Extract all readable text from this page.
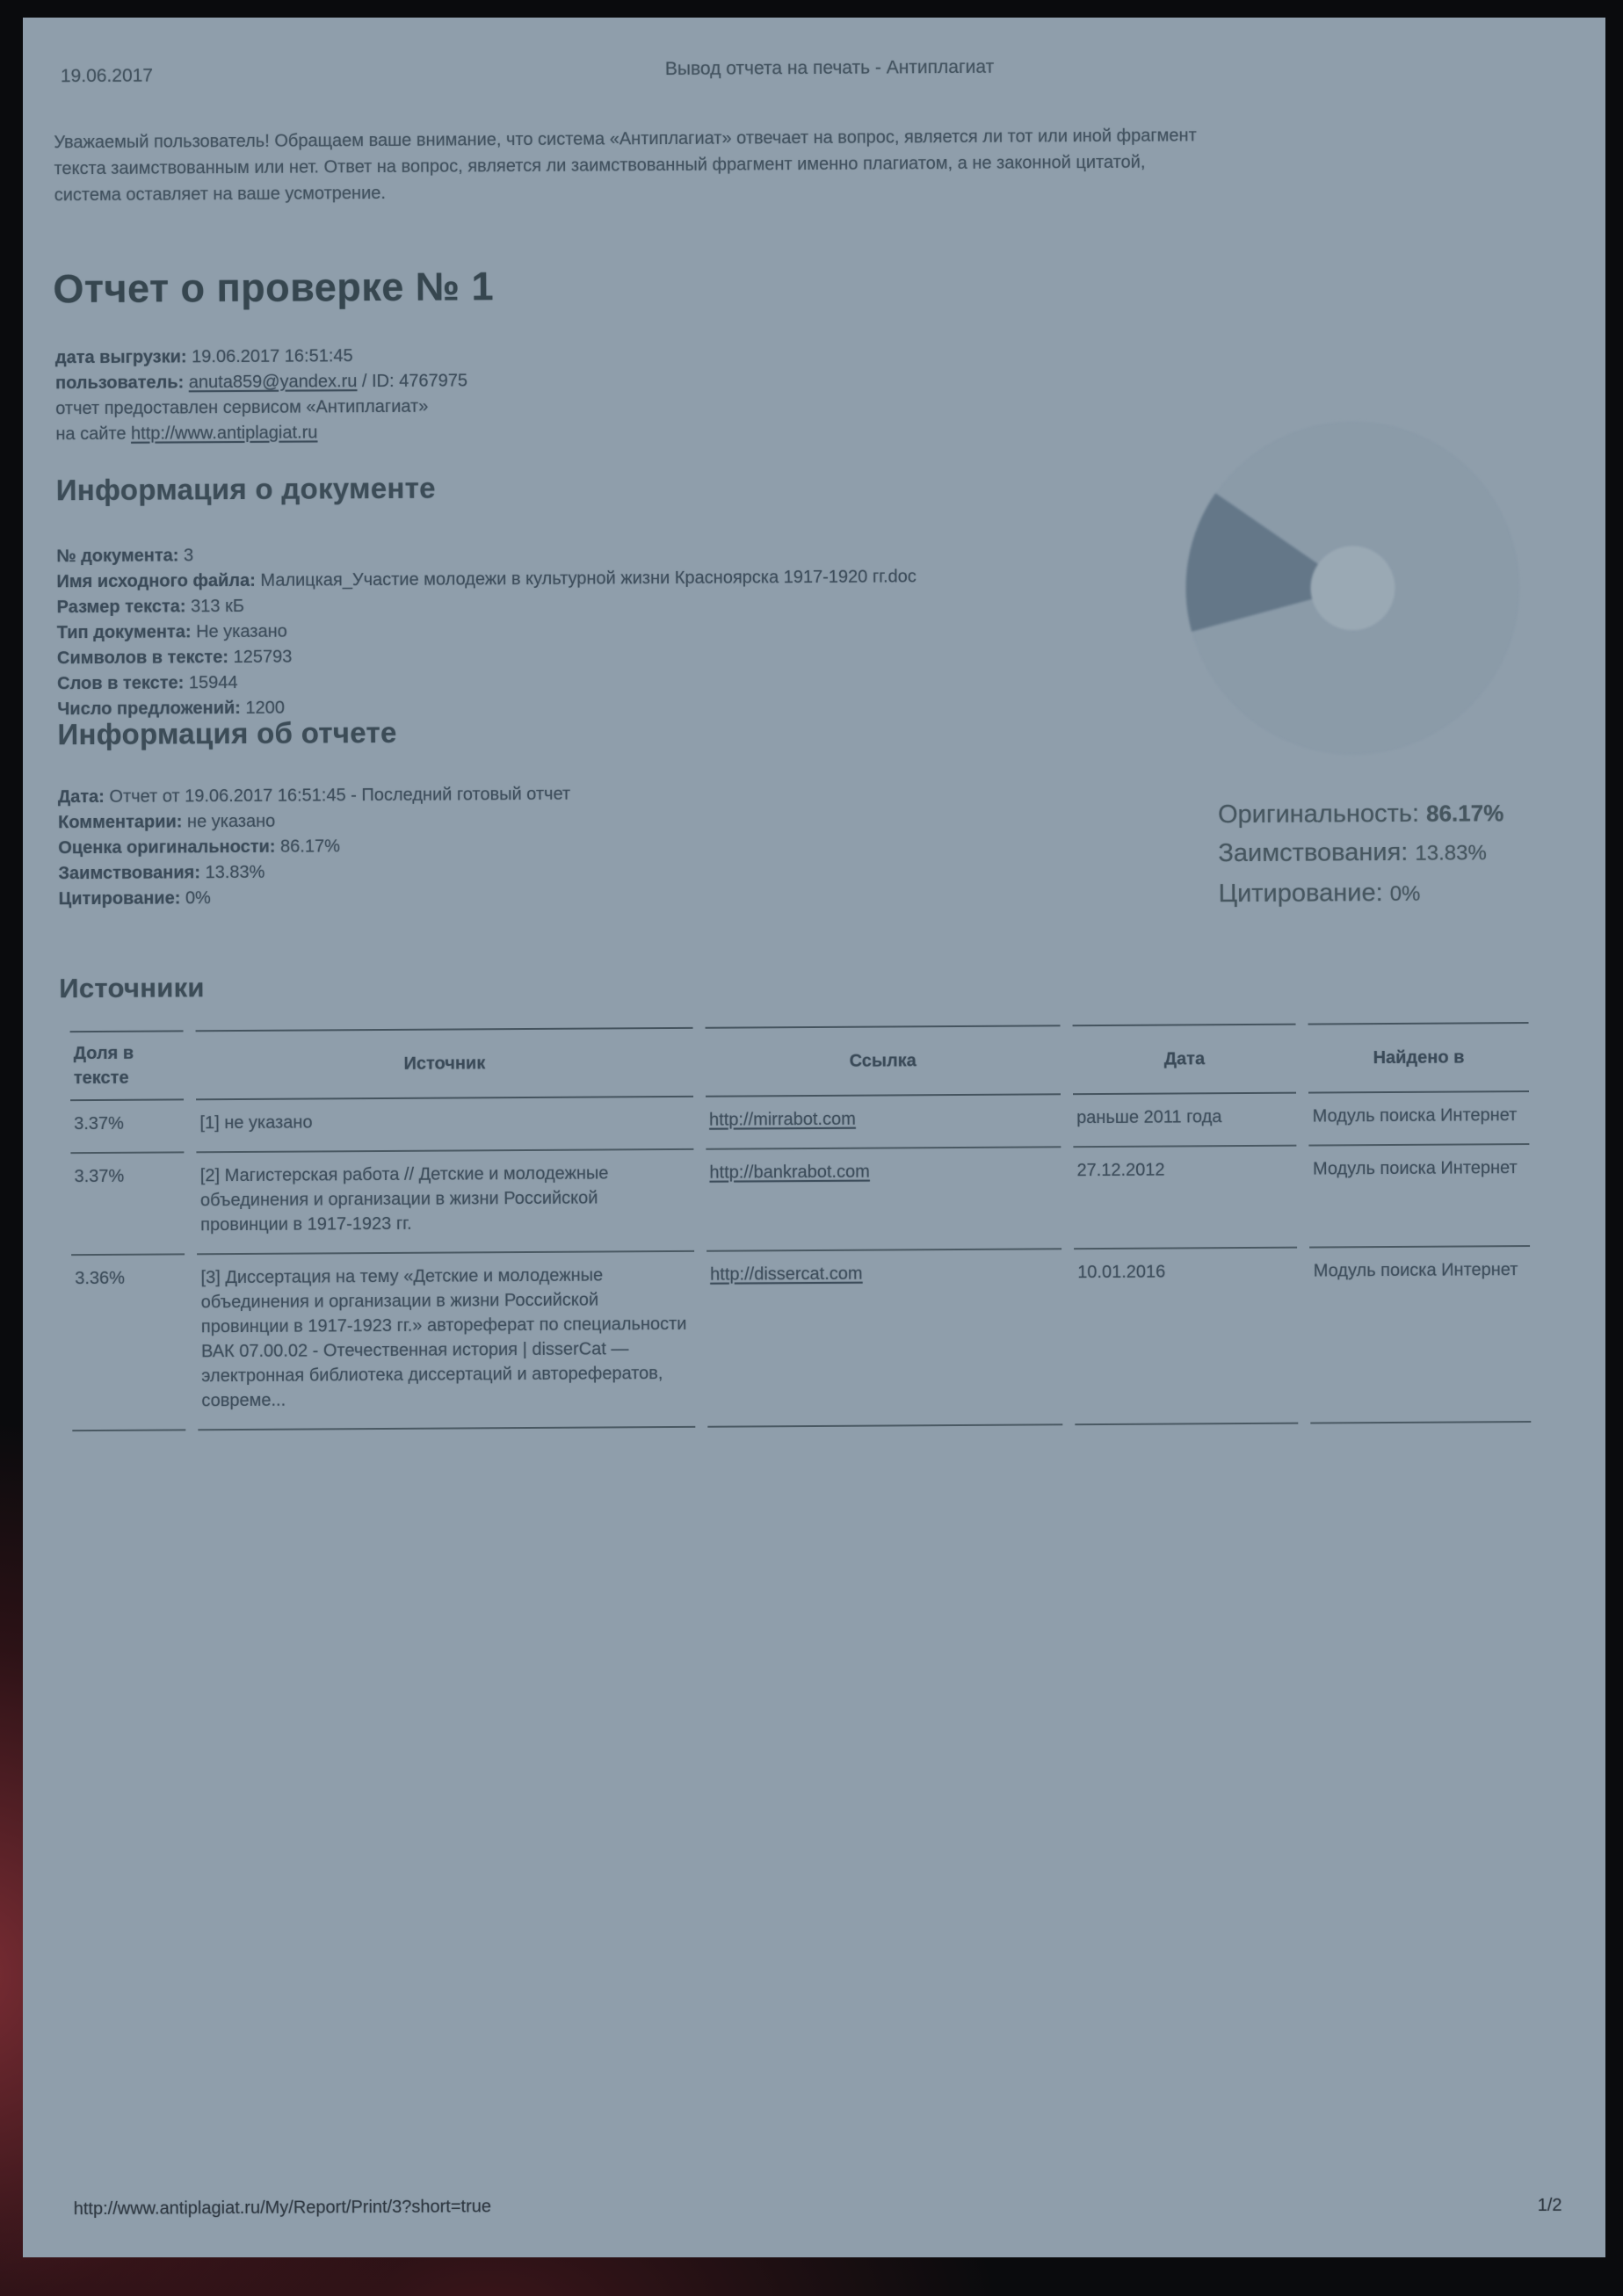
19.06.2017	Вывод отчета на печать - Антиплагиат
Уважаемый пользователь! Обращаем ваше внимание, что система «Антиплагиат» отвечает на вопрос, является ли тот или иной фрагмент текста заимствованным или нет. Ответ на вопрос, является ли заимствованный фрагмент именно плагиатом, а не законной цитатой, система оставляет на ваше усмотрение.
Отчет о проверке № 1
дата выгрузки: 19.06.2017 16:51:45
пользователь: anuta859@yandex.ru / ID: 4767975
отчет предоставлен сервисом «Антиплагиат»
на сайте http://www.antiplagiat.ru
Информация о документе
№ документа: 3
Имя исходного файла: Малицкая_Участие молодежи в культурной жизни Красноярска 1917-1920 гг.doc
Размер текста: 313 кБ
Тип документа: Не указано
Символов в тексте: 125793
Слов в тексте: 15944
Число предложений: 1200
Информация об отчете
Дата: Отчет от 19.06.2017 16:51:45 - Последний готовый отчет
Комментарии: не указано
Оценка оригинальности: 86.17%
Заимствования: 13.83%
Цитирование: 0%
Оригинальность: 86.17%
Заимствования: 13.83%
Цитирование: 0%
Источники
Доля в тексте	Источник	Ссылка	Дата	Найдено в
3.37%	[1] не указано	http://mirrabot.com	раньше 2011 года	Модуль поиска Интернет
3.37%	[2] Магистерская работа // Детские и молодежные объединения и организации в жизни Российской провинции в 1917-1923 гг.	http://bankrabot.com	27.12.2012	Модуль поиска Интернет
3.36%	[3] Диссертация на тему «Детские и молодежные объединения и организации в жизни Российской провинции в 1917-1923 гг.» автореферат по специальности ВАК 07.00.02 - Отечественная история | disserCat — электронная библиотека диссертаций и авторефератов, совреме...	http://dissercat.com	10.01.2016	Модуль поиска Интернет
http://www.antiplagiat.ru/My/Report/Print/3?short=true	1/2
